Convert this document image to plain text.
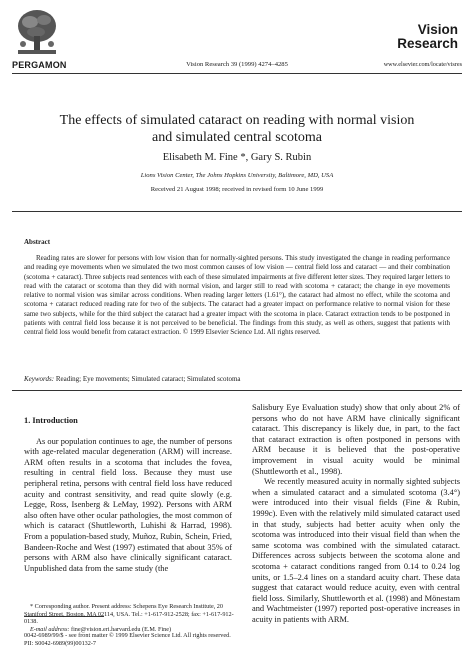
PERGAMON	Vision Research 39 (1999) 4274–4285
Vision
Research
www.elsevier.com/locate/visres
The effects of simulated cataract on reading with normal vision
and simulated central scotoma
Elisabeth M. Fine *, Gary S. Rubin
Lions Vision Center, The Johns Hopkins University, Baltimore, MD, USA
Received 21 August 1998; received in revised form 10 June 1999
Abstract

Reading rates are slower for persons with low vision than for normally-sighted persons. This study investigated the change in reading performance and reading eye movements when we simulated the two most common causes of low vision — central field loss and cataract — and their combination (scotoma + cataract). Three subjects read sentences with each of these simulated impairments at five different letter sizes. They required larger letters to read with the cataract or scotoma than they did with normal vision, and larger still to read with scotoma + cataract; the change in eye movements relative to normal vision was similar across conditions. When reading larger letters (1.61°), the cataract had almost no effect, while the scotoma and scotoma + cataract reduced reading rate for two of the subjects. The cataract had a greater impact on performance relative to normal vision for these same two subjects, while for the third subject the cataract had a greater impact with the scotoma in place. Cataract extraction tends to be postponed in patients with central field loss because it is not perceived to be beneficial. The findings from this study, as well as others, suggest that patients with central field loss would benefit from cataract extraction. © 1999 Elsevier Science Ltd. All rights reserved.

Keywords: Reading; Eye movements; Simulated cataract; Simulated scotoma

1. Introduction

As our population continues to age, the number of persons with age-related macular degeneration (ARM) will increase. ARM often results in a scotoma that includes the fovea, resulting in central field loss. Because they must use peripheral retina, persons with central field loss have reduced acuity and contrast sensitivity, and read quite slowly (e.g. Legge, Ross, Isenberg & LeMay, 1992). Persons with ARM also often have other ocular pathologies, the most common of which is cataract (Shuttleworth, Luhishi & Harrad, 1998). From a population-based study, Muñoz, Rubin, Schein, Fried, Bandeen-Roche and West (1997) estimated that about 35% of persons with ARM also have clinically significant cataract. Unpublished data from the same study (the

Salisbury Eye Evaluation study) show that only about 2% of persons who do not have ARM have clinically significant cataract. This discrepancy is likely due, in part, to the fact that cataract extraction is often postponed in persons with ARM because it is believed that the post-operative improvement in visual acuity would be minimal (Shuttleworth et al., 1998).

We recently measured acuity in normally sighted subjects when a simulated cataract and a simulated scotoma (3.4°) were introduced into their visual fields (Fine & Rubin, 1999c). Even with the relatively mild simulated cataract used in that study, subjects had better acuity when only the scotoma was introduced into their visual field than when the same scotoma was combined with the simulated cataract. Differences across subjects between the scotoma alone and scotoma + cataract conditions ranged from 0.14 to 0.24 log units, or 1.5–2.4 lines on a standard acuity chart. These data suggest that cataract would reduce acuity, even with central field loss. Similarly, Shuttleworth et al. (1998) and Mönestam and Wachtmeister (1997) reported post-operative increases in acuity in patients with ARM.

* Corresponding author. Present address: Schepens Eye Research Institute, 20 Staniford Street, Boston, MA 02114, USA. Tel.: +1-617-912-2528; fax: +1-617-912-0138.

E-mail address: fine@vision.eri.harvard.edu (E.M. Fine)

0042-6989/99/$ - see front matter © 1999 Elsevier Science Ltd. All rights reserved.
PII: S0042-6989(99)00132-7
